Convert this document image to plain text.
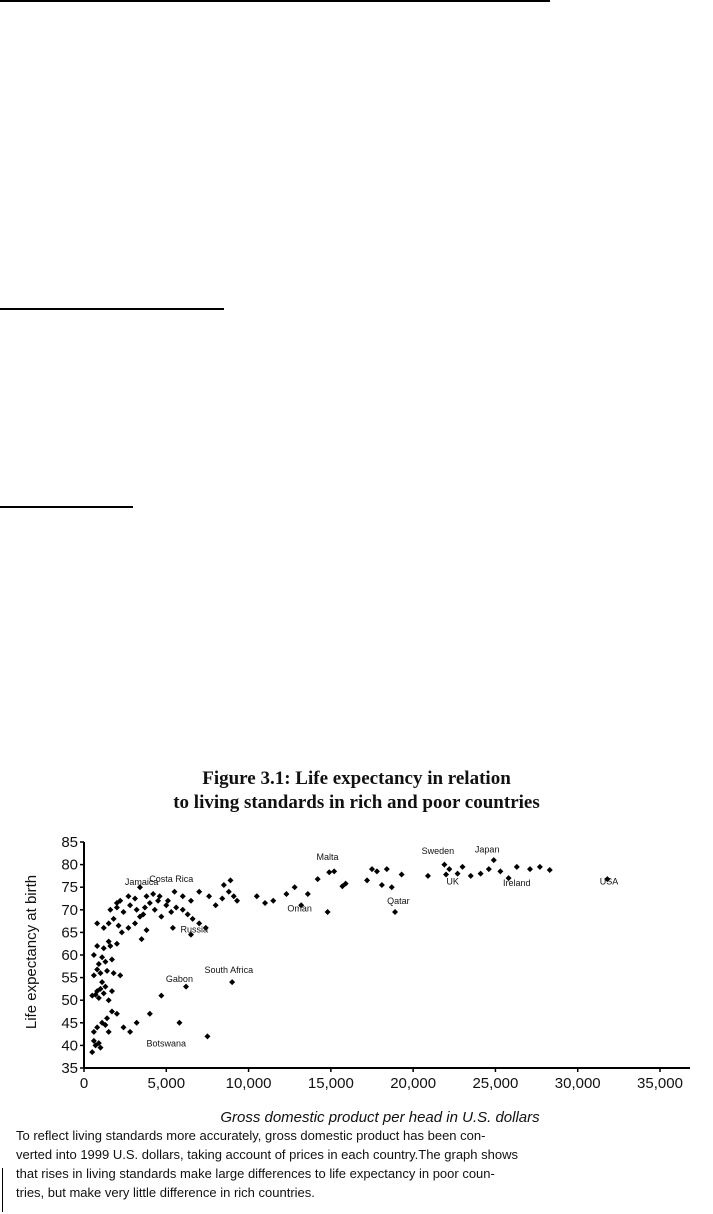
Figure 3.1: Life expectancy in relation
to living standards in rich and poor countries
35
40
45
50
55
60
65
70
75
80
85
0	5,000	10,000 15,000 20,000 25,000 30,000 35,000
Jamaica
Costa Rica
Russia
South Africa
Gabon
Botswana
Malta
Oman
Qatar
Sweden Japan
UK	Ireland	USA
Life expectancy at birth
Gross domestic product per head in U.S. dollars
To reflect living standards more accurately, gross domestic product has been con-
verted into 1999 U.S. dollars, taking account of prices in each country.The graph shows
that rises in living standards make large differences to life expectancy in poor coun-
tries, but make very little difference in rich countries.
